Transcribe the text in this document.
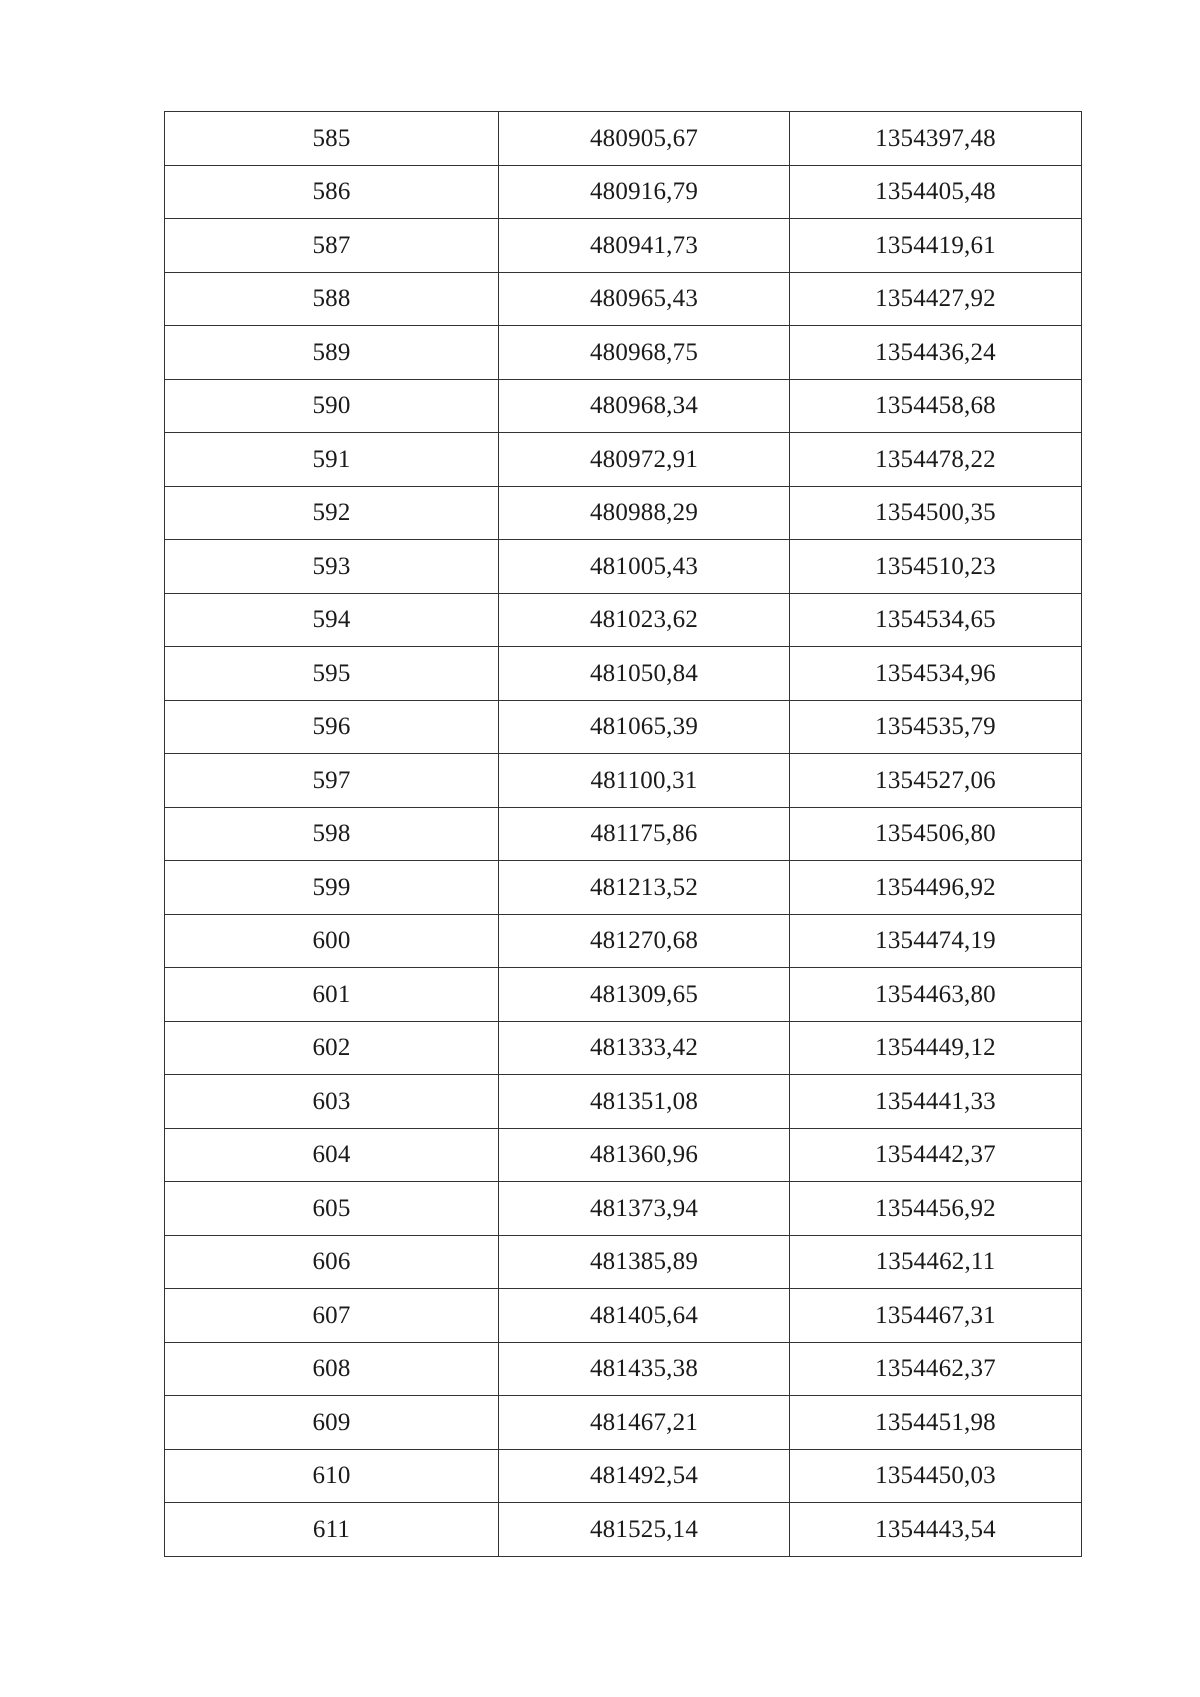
585	480905,67	1354397,48
586	480916,79	1354405,48
587	480941,73	1354419,61
588	480965,43	1354427,92
589	480968,75	1354436,24
590	480968,34	1354458,68
591	480972,91	1354478,22
592	480988,29	1354500,35
593	481005,43	1354510,23
594	481023,62	1354534,65
595	481050,84	1354534,96
596	481065,39	1354535,79
597	481100,31	1354527,06
598	481175,86	1354506,80
599	481213,52	1354496,92
600	481270,68	1354474,19
601	481309,65	1354463,80
602	481333,42	1354449,12
603	481351,08	1354441,33
604	481360,96	1354442,37
605	481373,94	1354456,92
606	481385,89	1354462,11
607	481405,64	1354467,31
608	481435,38	1354462,37
609	481467,21	1354451,98
610	481492,54	1354450,03
611	481525,14	1354443,54
